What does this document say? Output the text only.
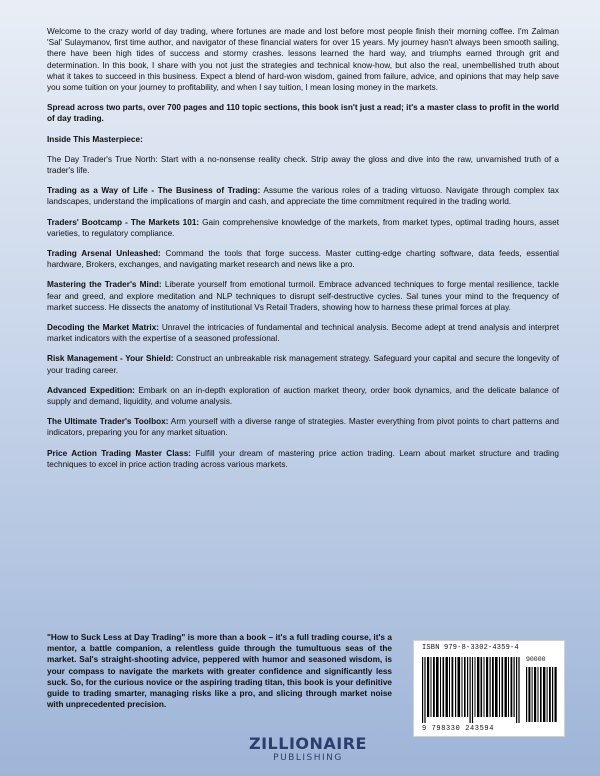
Welcome to the crazy world of day trading, where fortunes are made and lost before most people finish their morning coffee. I'm Zalman 'Sal' Sulaymanov, first time author, and navigator of these financial waters for over 15 years. My journey hasn't always been smooth sailing, there have been high tides of success and stormy crashes. lessons learned the hard way, and triumphs earned through grit and determination. In this book, I share with you not just the strategies and technical know-how, but also the real, unembellished truth about what it takes to succeed in this business. Expect a blend of hard-won wisdom, gained from failure, advice, and opinions that may help save you some tuition on your journey to profitability, and when I say tuition, I mean losing money in the markets.

Spread across two parts, over 700 pages and 110 topic sections, this book isn't just a read; it's a master class to profit in the world of day trading.

Inside This Masterpiece:

The Day Trader's True North: Start with a no-nonsense reality check. Strip away the gloss and dive into the raw, unvarnished truth of a trader's life.

Trading as a Way of Life - The Business of Trading: Assume the various roles of a trading virtuoso. Navigate through complex tax landscapes, understand the implications of margin and cash, and appreciate the time commitment required in the trading world.

Traders' Bootcamp - The Markets 101: Gain comprehensive knowledge of the markets, from market types, optimal trading hours, asset varieties, to regulatory compliance.

Trading Arsenal Unleashed: Command the tools that forge success. Master cutting-edge charting software, data feeds, essential hardware, Brokers, exchanges, and navigating market research and news like a pro.

Mastering the Trader's Mind: Liberate yourself from emotional turmoil. Embrace advanced techniques to forge mental resilience, tackle fear and greed, and explore meditation and NLP techniques to disrupt self-destructive cycles. Sal tunes your mind to the frequency of market success. He dissects the anatomy of institutional Vs Retail Traders, showing how to harness these primal forces at play.

Decoding the Market Matrix: Unravel the intricacies of fundamental and technical analysis. Become adept at trend analysis and interpret market indicators with the expertise of a seasoned professional.

Risk Management - Your Shield: Construct an unbreakable risk management strategy. Safeguard your capital and secure the longevity of your trading career.

Advanced Expedition: Embark on an in-depth exploration of auction market theory, order book dynamics, and the delicate balance of supply and demand, liquidity, and volume analysis.

The Ultimate Trader's Toolbox: Arm yourself with a diverse range of strategies. Master everything from pivot points to chart patterns and indicators, preparing you for any market situation.

Price Action Trading Master Class: Fulfill your dream of mastering price action trading. Learn about market structure and trading techniques to excel in price action trading across various markets.

"How to Suck Less at Day Trading" is more than a book – it's a full trading course, it's a mentor, a battle companion, a relentless guide through the tumultuous seas of the market. Sal's straight-shooting advice, peppered with humor and seasoned wisdom, is your compass to navigate the markets with greater confidence and significantly less suck. So, for the curious novice or the aspiring trading titan, this book is your definitive guide to trading smarter, managing risks like a pro, and slicing through market noise with unprecedented precision.
ISBN 979-8-3302-4359-4
90000
9 798330 243594
ZILLIONAIRE
PUBLISHING
